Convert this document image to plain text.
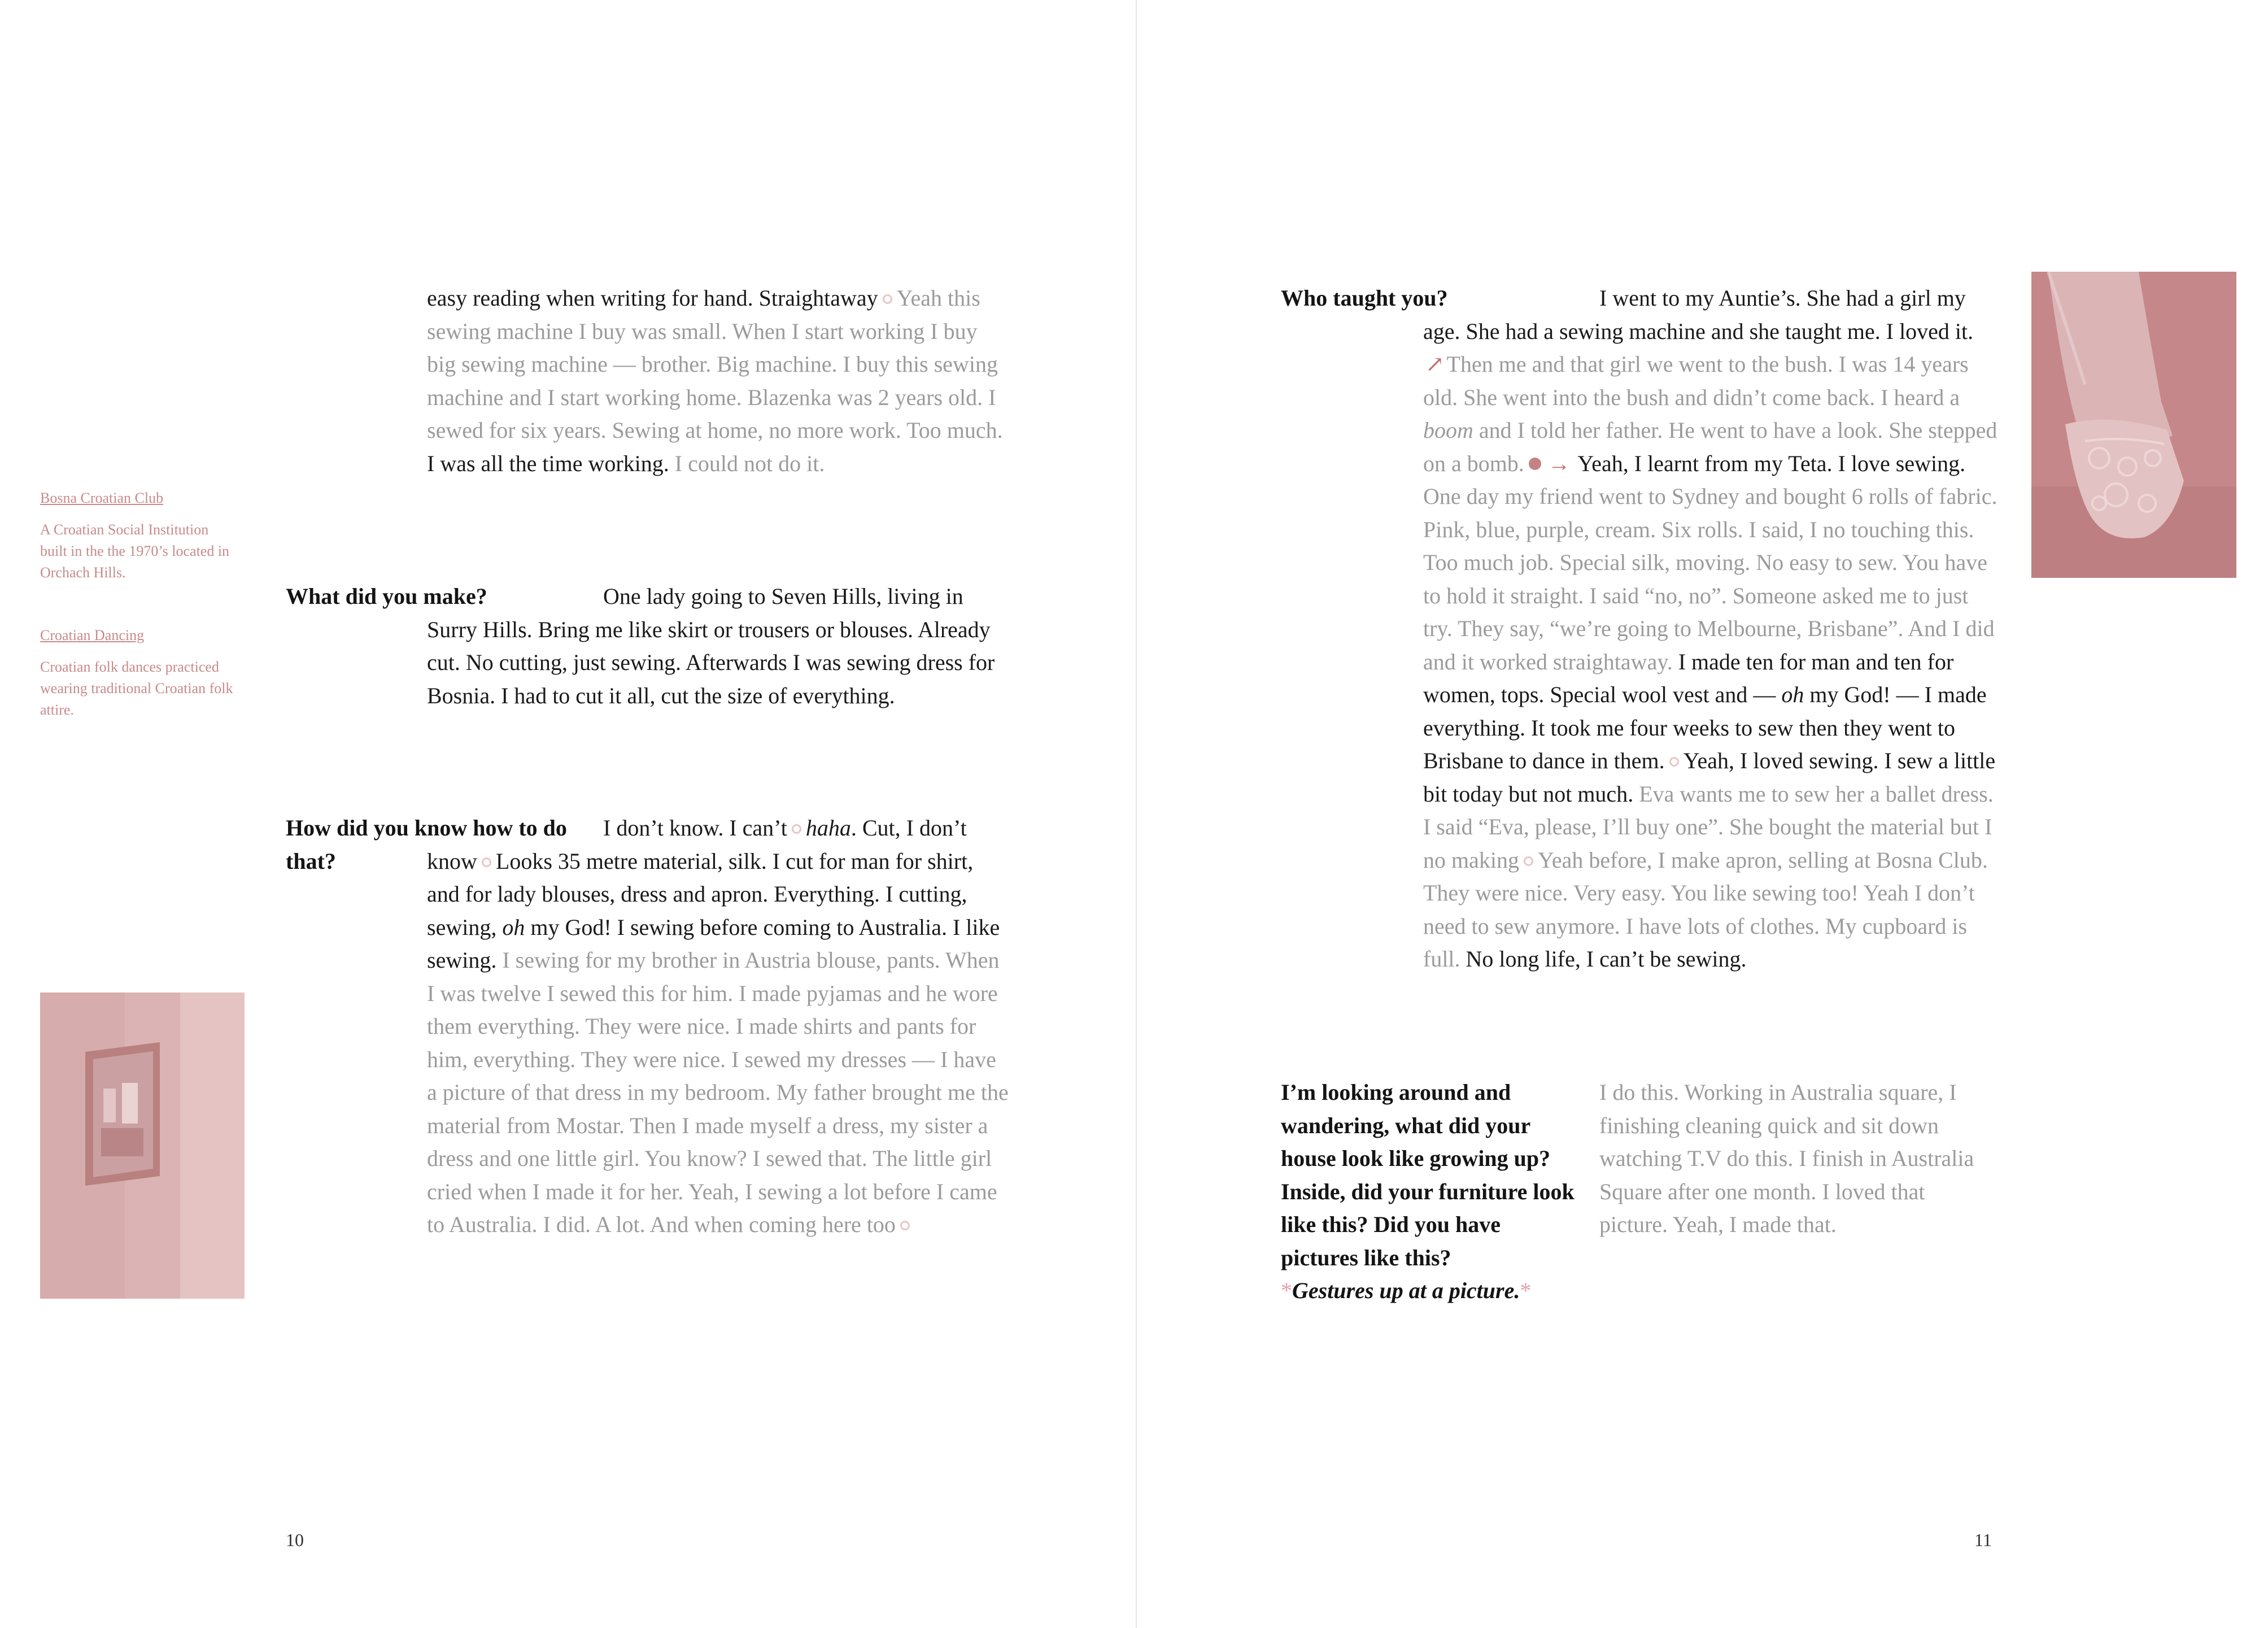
Bosna Croatian Club
A Croatian Social Institution built in the the 1970’s located in Orchach Hills.
Croatian Dancing
Croatian folk dances practiced wearing traditional Croatian folk attire.

easy reading when writing for hand. Straightaway Yeah this sewing machine I buy was small. When I start working I buy big sewing machine — brother. Big machine. I buy this sewing machine and I start working home. Blazenka was 2 years old. I sewed for six years. Sewing at home, no more work. Too much. I was all the time working. I could not do it.

What did you make?	One lady going to Seven Hills, living in Surry Hills. Bring me like skirt or trousers or blouses. Already cut. No cutting, just sewing. Afterwards I was sewing dress for Bosnia. I had to cut it all, cut the size of everything.

How did you know how to do that?

I don’t know. I can’t haha. Cut, I don’t know Looks 35 metre material, silk. I cut for man for shirt, and for lady blouses, dress and apron. Everything. I cutting, sewing, oh my God! I sewing before coming to Australia. I like sewing. I sewing for my brother in Austria blouse, pants. When I was twelve I sewed this for him. I made pyjamas and he wore them everything. They were nice. I made shirts and pants for him, everything. They were nice. I sewed my dresses — I have a picture of that dress in my bedroom. My father brought me the material from Mostar. Then I made myself a dress, my sister a dress and one little girl. You know? I sewed that. The little girl cried when I made it for her. Yeah, I sewing a lot before I came to Australia. I did. A lot. And when coming here too

10
Who taught you?	I went to my Auntie’s. She had a girl my age. She had a sewing machine and she taught me. I loved it. ↗ Then me and that girl we went to the bush. I was 14 years old. She went into the bush and didn’t come back. I heard a boom and I told her father. He went to have a look. She stepped on a bomb. → Yeah, I learnt from my Teta. I love sewing. One day my friend went to Sydney and bought 6 rolls of fabric. Pink, blue, purple, cream. Six rolls. I said, I no touching this. Too much job. Special silk, moving. No easy to sew. You have to hold it straight. I said “no, no”. Someone asked me to just try. They say, “we’re going to Melbourne, Brisbane”. And I did and it worked straightaway. I made ten for man and ten for women, tops. Special wool vest and — oh my God! — I made everything. It took me four weeks to sew then they went to Brisbane to dance in them. Yeah, I loved sewing. I sew a little bit today but not much. Eva wants me to sew her a ballet dress. I said “Eva, please, I’ll buy one”. She bought the material but I no making Yeah before, I make apron, selling at Bosna Club. They were nice. Very easy. You like sewing too! Yeah I don’t need to sew anymore. I have lots of clothes. My cupboard is full. No long life, I can’t be sewing.

I’m looking around and wandering, what did your house look like growing up? Inside, did your furniture look like this? Did you have pictures like this?
*Gestures up at a picture.*

I do this. Working in Australia square, I finishing cleaning quick and sit down watching T.V do this. I finish in Australia Square after one month. I loved that picture. Yeah, I made that.

11
